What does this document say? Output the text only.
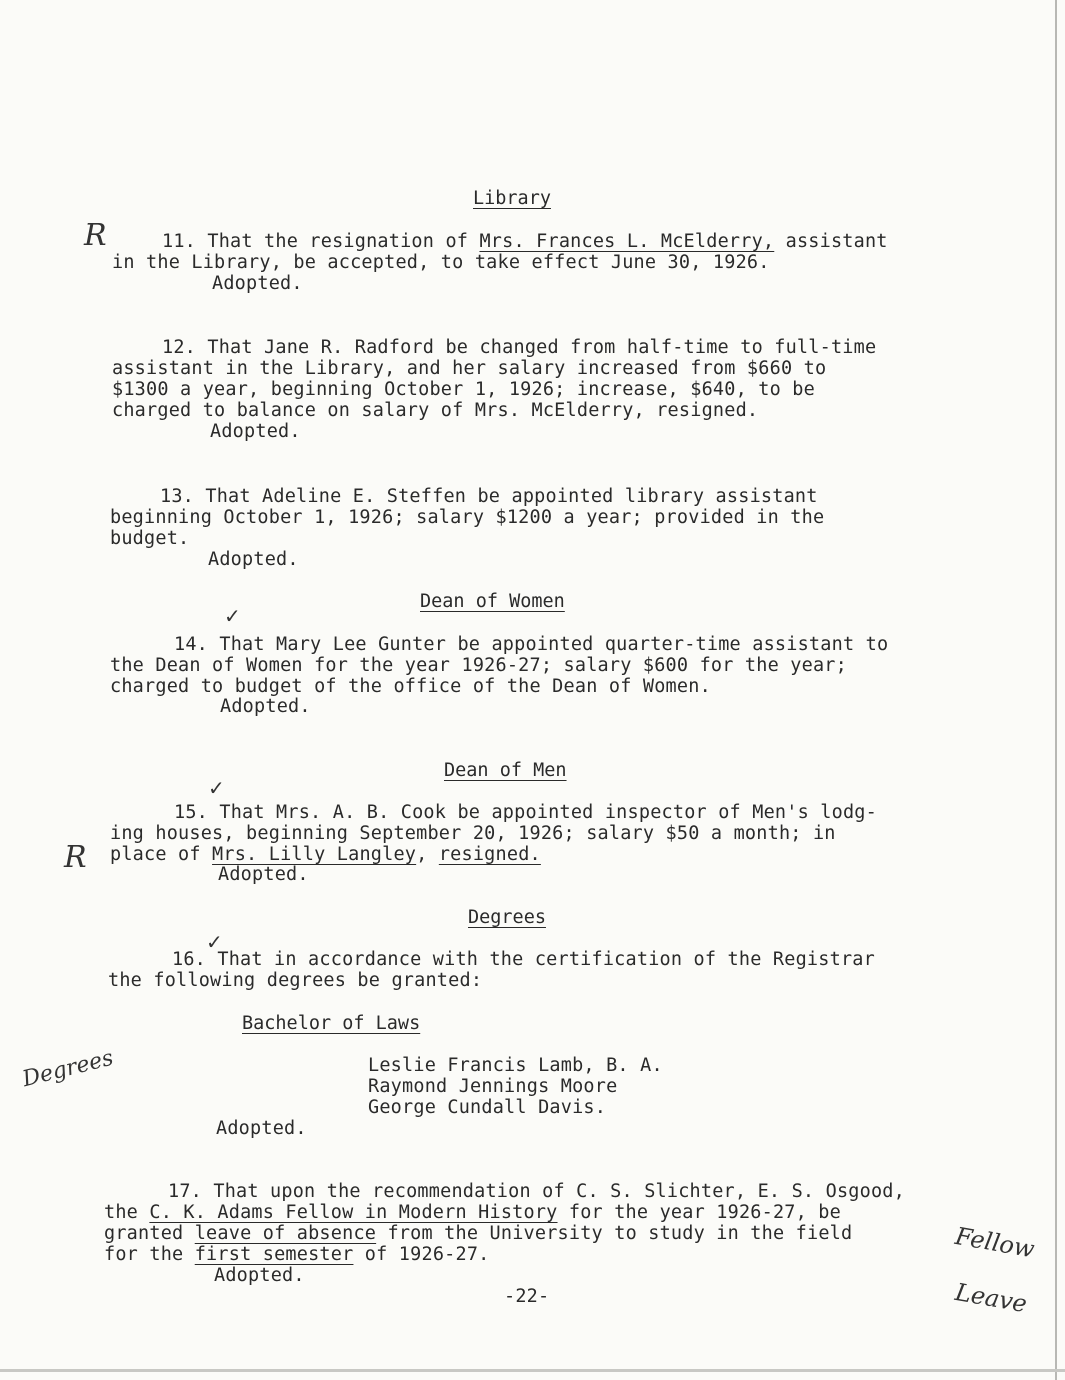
Library
R	11. That the resignation of Mrs. Frances L. McElderry, assistant
in the Library, be accepted, to take effect June 30, 1926.
Adopted.
12. That Jane R. Radford be changed from half-time to full-time
assistant in the Library, and her salary increased from $660 to
$1300 a year, beginning October 1, 1926; increase, $640, to be
charged to balance on salary of Mrs. McElderry, resigned.
Adopted.
13. That Adeline E. Steffen be appointed library assistant
beginning October 1, 1926; salary $1200 a year; provided in the
budget.
Adopted.
Dean of Women
✓
14. That Mary Lee Gunter be appointed quarter-time assistant to
the Dean of Women for the year 1926-27; salary $600 for the year;
charged to budget of the office of the Dean of Women.
Adopted.
Dean of Men
✓
15. That Mrs. A. B. Cook be appointed inspector of Men's lodg-
ing houses, beginning September 20, 1926; salary $50 a month; in
R place of Mrs. Lilly Langley, resigned.
Adopted.
Degrees
✓
16. That in accordance with the certification of the Registrar
the following degrees be granted:
Bachelor of Laws
Degrees	Leslie Francis Lamb, B. A.
Raymond Jennings Moore
George Cundall Davis.
Adopted.
17. That upon the recommendation of C. S. Slichter, E. S. Osgood,
the C. K. Adams Fellow in Modern History for the year 1926-27, be
granted leave of absence from the University to study in the field
for the first semester of 1926-27.
Adopted.
Fellow
Leave
-22-
